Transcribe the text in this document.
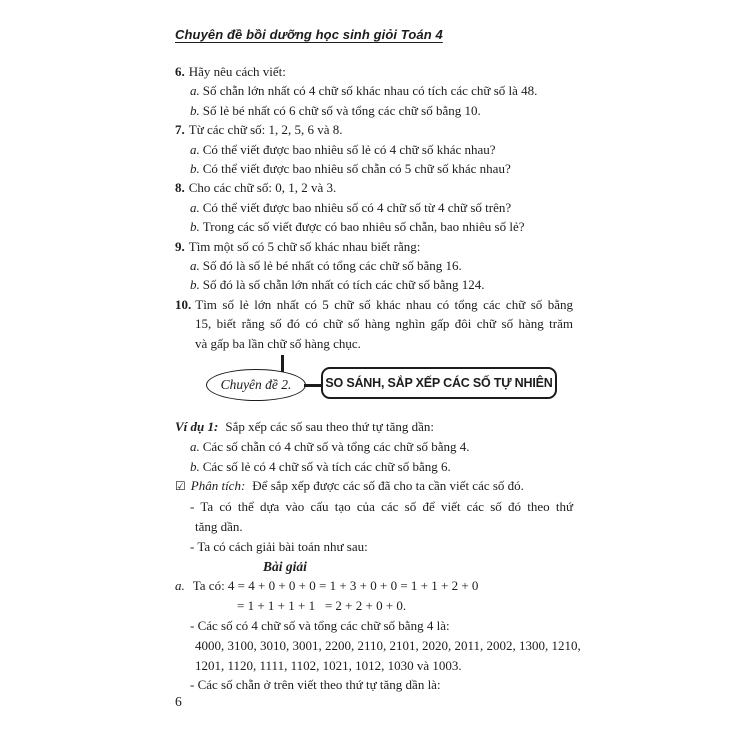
Chuyên đề bồi dưỡng học sinh giỏi Toán 4
6. Hãy nêu cách viết:
a. Số chẵn lớn nhất có 4 chữ số khác nhau có tích các chữ số là 48.
b. Số lẻ bé nhất có 6 chữ số và tổng các chữ số bằng 10.
7. Từ các chữ số: 1, 2, 5, 6 và 8.
a. Có thể viết được bao nhiêu số lẻ có 4 chữ số khác nhau?
b. Có thể viết được bao nhiêu số chẵn có 5 chữ số khác nhau?
8. Cho các chữ số: 0, 1, 2 và 3.
a. Có thể viết được bao nhiêu số có 4 chữ số từ 4 chữ số trên?
b. Trong các số viết được có bao nhiêu số chẵn, bao nhiêu số lẻ?
9. Tìm một số có 5 chữ số khác nhau biết rằng:
a. Số đó là số lẻ bé nhất có tổng các chữ số bằng 16.
b. Số đó là số chẵn lớn nhất có tích các chữ số bằng 124.
10. Tìm số lẻ lớn nhất có 5 chữ số khác nhau có tổng các chữ số bằng
15, biết rằng số đó có chữ số hàng nghìn gấp đôi chữ số hàng trăm
và gấp ba lần chữ số hàng chục.
Chuyên đề 2.	SO SÁNH, SẮP XẾP CÁC SỐ TỰ NHIÊN
Ví dụ 1: Sắp xếp các số sau theo thứ tự tăng dần:
a. Các số chẵn có 4 chữ số và tổng các chữ số bằng 4.
b. Các số lẻ có 4 chữ số và tích các chữ số bằng 6.
☑ Phân tích: Để sắp xếp được các số đã cho ta cần viết các số đó.
- Ta có thể dựa vào cấu tạo của các số để viết các số đó theo thứ
tăng dần.
- Ta có cách giải bài toán như sau:
Bài giải
a. Ta có: 4 = 4 + 0 + 0 + 0 = 1 + 3 + 0 + 0 = 1 + 1 + 2 + 0
= 1 + 1 + 1 + 1   = 2 + 2 + 0 + 0.
- Các số có 4 chữ số và tổng các chữ số bằng 4 là:
4000, 3100, 3010, 3001, 2200, 2110, 2101, 2020, 2011, 2002, 1300, 1210,
1201, 1120, 1111, 1102, 1021, 1012, 1030 và 1003.
- Các số chẵn ở trên viết theo thứ tự tăng dần là:
6
